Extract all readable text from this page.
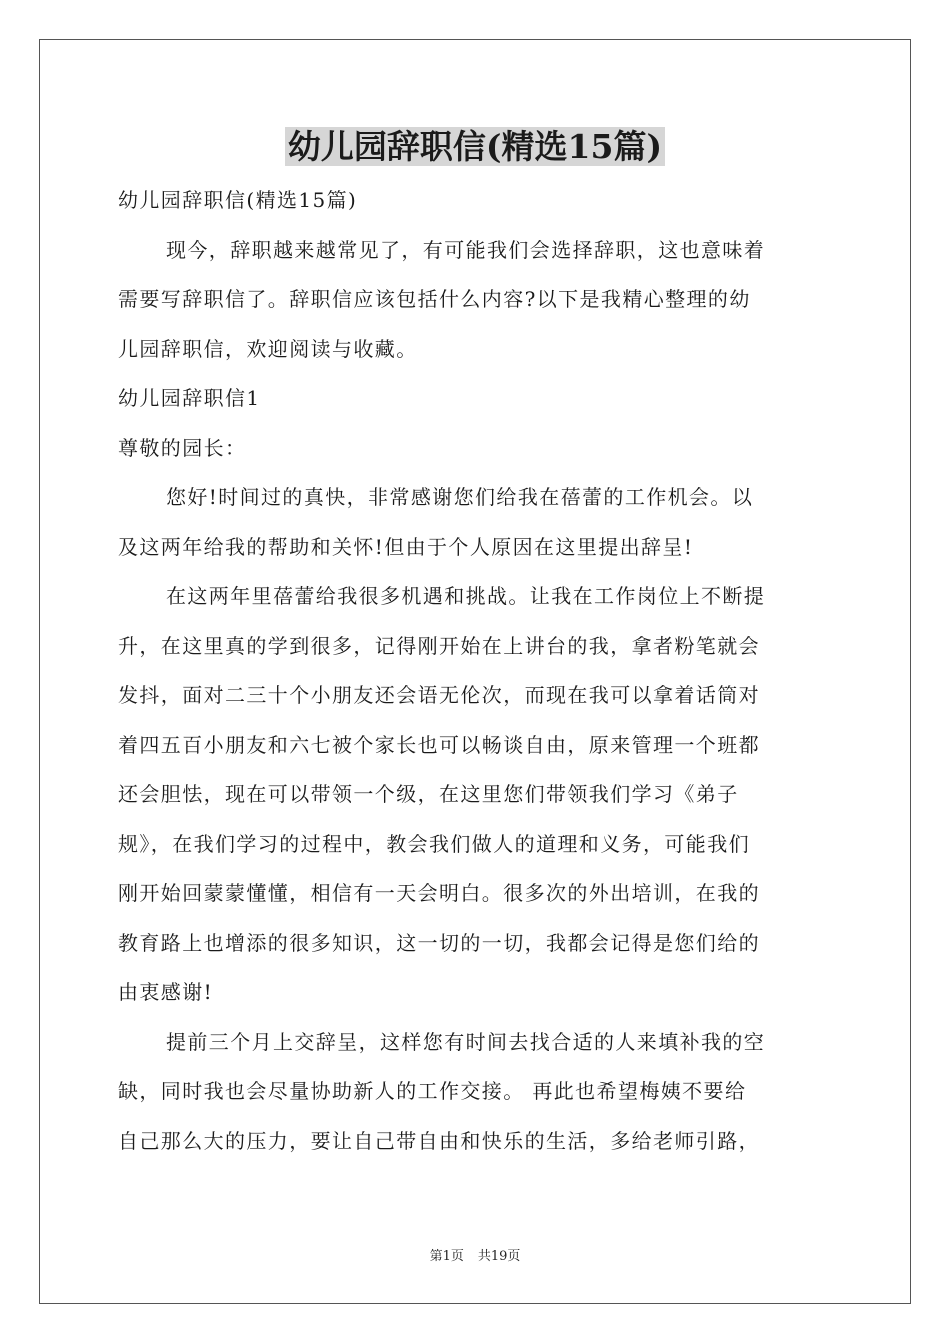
幼儿园辞职信(精选15篇)

幼儿园辞职信(精选15篇)

现今，辞职越来越常见了，有可能我们会选择辞职，这也意味着
需要写辞职信了。辞职信应该包括什么内容?以下是我精心整理的幼
儿园辞职信，欢迎阅读与收藏。

幼儿园辞职信1

尊敬的园长：

您好!时间过的真快，非常感谢您们给我在蓓蕾的工作机会。以
及这两年给我的帮助和关怀!但由于个人原因在这里提出辞呈!

在这两年里蓓蕾给我很多机遇和挑战。让我在工作岗位上不断提
升，在这里真的学到很多，记得刚开始在上讲台的我，拿者粉笔就会
发抖，面对二三十个小朋友还会语无伦次，而现在我可以拿着话筒对
着四五百小朋友和六七被个家长也可以畅谈自由，原来管理一个班都
还会胆怯，现在可以带领一个级，在这里您们带领我们学习《弟子
规》，在我们学习的过程中，教会我们做人的道理和义务，可能我们
刚开始回蒙蒙懂懂，相信有一天会明白。很多次的外出培训，在我的
教育路上也增添的很多知识，这一切的一切，我都会记得是您们给的
由衷感谢!

提前三个月上交辞呈，这样您有时间去找合适的人来填补我的空
缺，同时我也会尽量协助新人的工作交接。 再此也希望梅姨不要给
自己那么大的压力，要让自己带自由和快乐的生活，多给老师引路，

第1页 共19页
